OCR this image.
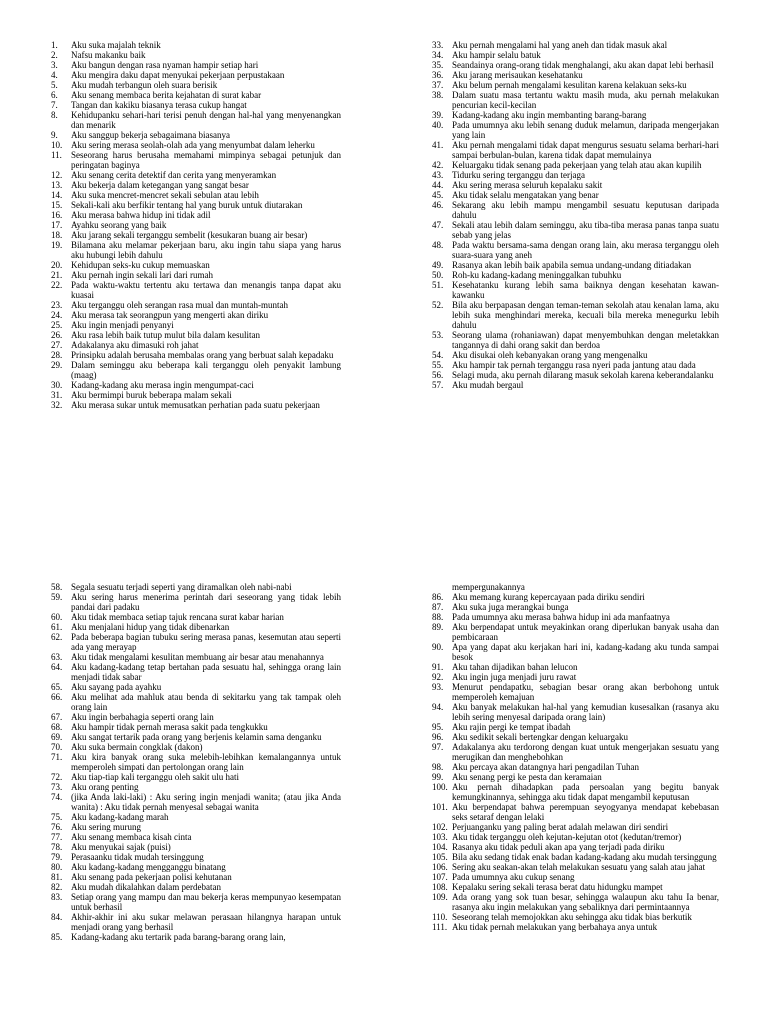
1.	Aku suka majalah teknik
2.	Nafsu makanku baik
3.	Aku bangun dengan rasa nyaman hampir setiap hari
4.	Aku mengira daku dapat menyukai pekerjaan perpustakaan
5.	Aku mudah terbangun oleh suara berisik
6.	Aku senang membaca berita kejahatan di surat kabar
7.	Tangan dan kakiku biasanya terasa cukup hangat
8.	Kehidupanku sehari-hari terisi penuh dengan hal-hal yang menyenangkan dan menarik
9.	Aku sanggup bekerja sebagaimana biasanya
10. Aku sering merasa seolah-olah ada yang menyumbat dalam leherku
11.	Seseorang harus berusaha memahami mimpinya sebagai petunjuk dan peringatan baginya
12. Aku senang cerita detektif dan cerita yang menyeramkan
13. Aku bekerja dalam ketegangan yang sangat besar
14. Aku suka mencret-mencret sekali sebulan atau lebih
15. Sekali-kali aku berfikir tentang hal yang buruk untuk diutarakan
16. Aku merasa bahwa hidup ini tidak adil
17. Ayahku seorang yang baik
18. Aku jarang sekali terganggu sembelit (kesukaran buang air besar)
19. Bilamana aku melamar pekerjaan baru, aku ingin tahu siapa yang harus aku hubungi lebih dahulu
20. Kehidupan seks-ku cukup memuaskan
21. Aku pernah ingin sekali lari dari rumah
22. Pada waktu-waktu tertentu aku tertawa dan menangis tanpa dapat aku kuasai
23. Aku terganggu oleh serangan rasa mual dan muntah-muntah
24. Aku merasa tak seorangpun yang mengerti akan diriku
25. Aku ingin menjadi penyanyi
26. Aku rasa lebih baik tutup mulut bila dalam kesulitan
27. Adakalanya aku dimasuki roh jahat
28. Prinsipku adalah berusaha membalas orang yang berbuat salah kepadaku
29. Dalam seminggu aku beberapa kali terganggu oleh penyakit lambung (maag)
30. Kadang-kadang aku merasa ingin mengumpat-caci
31. Aku bermimpi buruk beberapa malam sekali
32. Aku merasa sukar untuk memusatkan perhatian pada suatu pekerjaan
33. Aku pernah mengalami hal yang aneh dan tidak masuk akal
34. Aku hampir selalu batuk
35. Seandainya orang-orang tidak menghalangi, aku akan dapat lebi berhasil
36. Aku jarang merisaukan kesehatanku
37. Aku belum pernah mengalami kesulitan karena kelakuan seks-ku
38. Dalam suatu masa tertantu waktu masih muda, aku pernah melakukan pencurian kecil-kecilan
39. Kadang-kadang aku ingin membanting barang-barang
40. Pada umumnya aku lebih senang duduk melamun, daripada mengerjakan yang lain
41. Aku pernah mengalami tidak dapat mengurus sesuatu selama berhari-hari sampai berbulan-bulan, karena tidak dapat memulainya
42. Keluargaku tidak senang pada pekerjaan yang telah atau akan kupilih
43. Tidurku sering terganggu dan terjaga
44. Aku sering merasa seluruh kepalaku sakit
45. Aku tidak selalu mengatakan yang benar
46. Sekarang aku lebih mampu mengambil sesuatu keputusan daripada dahulu
47. Sekali atau lebih dalam seminggu, aku tiba-tiba merasa panas tanpa suatu sebab yang jelas
48. Pada waktu bersama-sama dengan orang lain, aku merasa terganggu oleh suara-suara yang aneh
49. Rasanya akan lebih baik apabila semua undang-undang ditiadakan
50. Roh-ku kadang-kadang meninggalkan tubuhku
51. Kesehatanku kurang lebih sama baiknya dengan kesehatan kawan-kawanku
52. Bila aku berpapasan dengan teman-teman sekolah atau kenalan lama, aku lebih suka menghindari mereka, kecuali bila mereka menegurku lebih dahulu
53. Seorang ulama (rohaniawan) dapat menyembuhkan dengan meletakkan tangannya di dahi orang sakit dan berdoa
54. Aku disukai oleh kebanyakan orang yang mengenalku
55. Aku hampir tak pernah terganggu rasa nyeri pada jantung atau dada
56. Selagi muda, aku pernah dilarang masuk sekolah karena keberandalanku
57. Aku mudah bergaul
58. Segala sesuatu terjadi seperti yang diramalkan oleh nabi-nabi
59. Aku sering harus menerima perintah dari seseorang yang tidak lebih pandai dari padaku
60. Aku tidak membaca setiap tajuk rencana surat kabar harian
61. Aku menjalani hidup yang tidak dibenarkan
62. Pada beberapa bagian tubuku sering merasa panas, kesemutan atau seperti ada yang merayap
63. Aku tidak mengalami kesulitan membuang air besar atau menahannya
64. Aku kadang-kadang tetap bertahan pada sesuatu hal, sehingga orang lain menjadi tidak sabar
65. Aku sayang pada ayahku
66. Aku melihat ada mahluk atau benda di sekitarku yang tak tampak oleh orang lain
67. Aku ingin berbahagia seperti orang lain
68. Aku hampir tidak pernah merasa sakit pada tengkukku
69. Aku sangat tertarik pada orang yang berjenis kelamin sama denganku
70. Aku suka bermain congklak (dakon)
71. Aku kira banyak orang suka melebih-lebihkan kemalangannya untuk memperoleh simpati dan pertolongan orang lain
72. Aku tiap-tiap kali terganggu oleh sakit ulu hati
73. Aku orang penting
74. (jika Anda laki-laki) : Aku sering ingin menjadi wanita; (atau jika Anda wanita) : Aku tidak pernah menyesal sebagai wanita
75. Aku kadang-kadang marah
76. Aku sering murung
77. Aku senang membaca kisah cinta
78. Aku menyukai sajak (puisi)
79. Perasaanku tidak mudah tersinggung
80. Aku kadang-kadang mengganggu binatang
81. Aku senang pada pekerjaan polisi kehutanan
82. Aku mudah dikalahkan dalam perdebatan
83. Setiap orang yang mampu dan mau bekerja keras mempunyao kesempatan untuk berhasil
84. Akhir-akhir ini aku sukar melawan perasaan hilangnya harapan untuk menjadi orang yang berhasil
85. Kadang-kadang aku tertarik pada barang-barang orang lain,
mempergunakannya
86. Aku memang kurang kepercayaan pada diriku sendiri
87. Aku suka juga merangkai bunga
88. Pada umumnya aku merasa bahwa hidup ini ada manfaatnya
89. Aku berpendapat untuk meyakinkan orang diperlukan banyak usaha dan pembicaraan
90. Apa yang dapat aku kerjakan hari ini, kadang-kadang aku tunda sampai besok
91. Aku tahan dijadikan bahan lelucon
92. Aku ingin juga menjadi juru rawat
93. Menurut pendapatku, sebagian besar orang akan berbohong untuk memperoleh kemajuan
94. Aku banyak melakukan hal-hal yang kemudian kusesalkan (rasanya aku lebih sering menyesal daripada orang lain)
95. Aku rajin pergi ke tempat ibadah
96. Aku sedikit sekali bertengkar dengan keluargaku
97. Adakalanya aku terdorong dengan kuat untuk mengerjakan sesuatu yang merugikan dan menghebohkan
98. Aku percaya akan datangnya hari pengadilan Tuhan
99. Aku senang pergi ke pesta dan keramaian
100. Aku pernah dihadapkan pada persoalan yang begitu banyak kemungkinannya, sehingga aku tidak dapat mengambil keputusan
101. Aku berpendapat bahwa perempuan seyogyanya mendapat kebebasan seks setaraf dengan lelaki
102. Perjuanganku yang paling berat adalah melawan diri sendiri
103. Aku tidak terganggu oleh kejutan-kejutan otot (kedutan/tremor)
104. Rasanya aku tidak peduli akan apa yang terjadi pada diriku
105. Bila aku sedang tidak enak badan kadang-kadang aku mudah tersinggung
106. Sering aku seakan-akan telah melakukan sesuatu yang salah atau jahat
107. Pada umumnya aku cukup senang
108. Kepalaku sering sekali terasa berat datu hidungku mampet
109. Ada orang yang sok tuan besar, sehingga walaupun aku tahu Ia benar, rasanya aku ingin melakukan yang sebaliknya dari permintaannya
110. Seseorang telah memojokkan aku sehingga aku tidak bias berkutik
111. Aku tidak pernah melakukan yang berbahaya anya untuk
